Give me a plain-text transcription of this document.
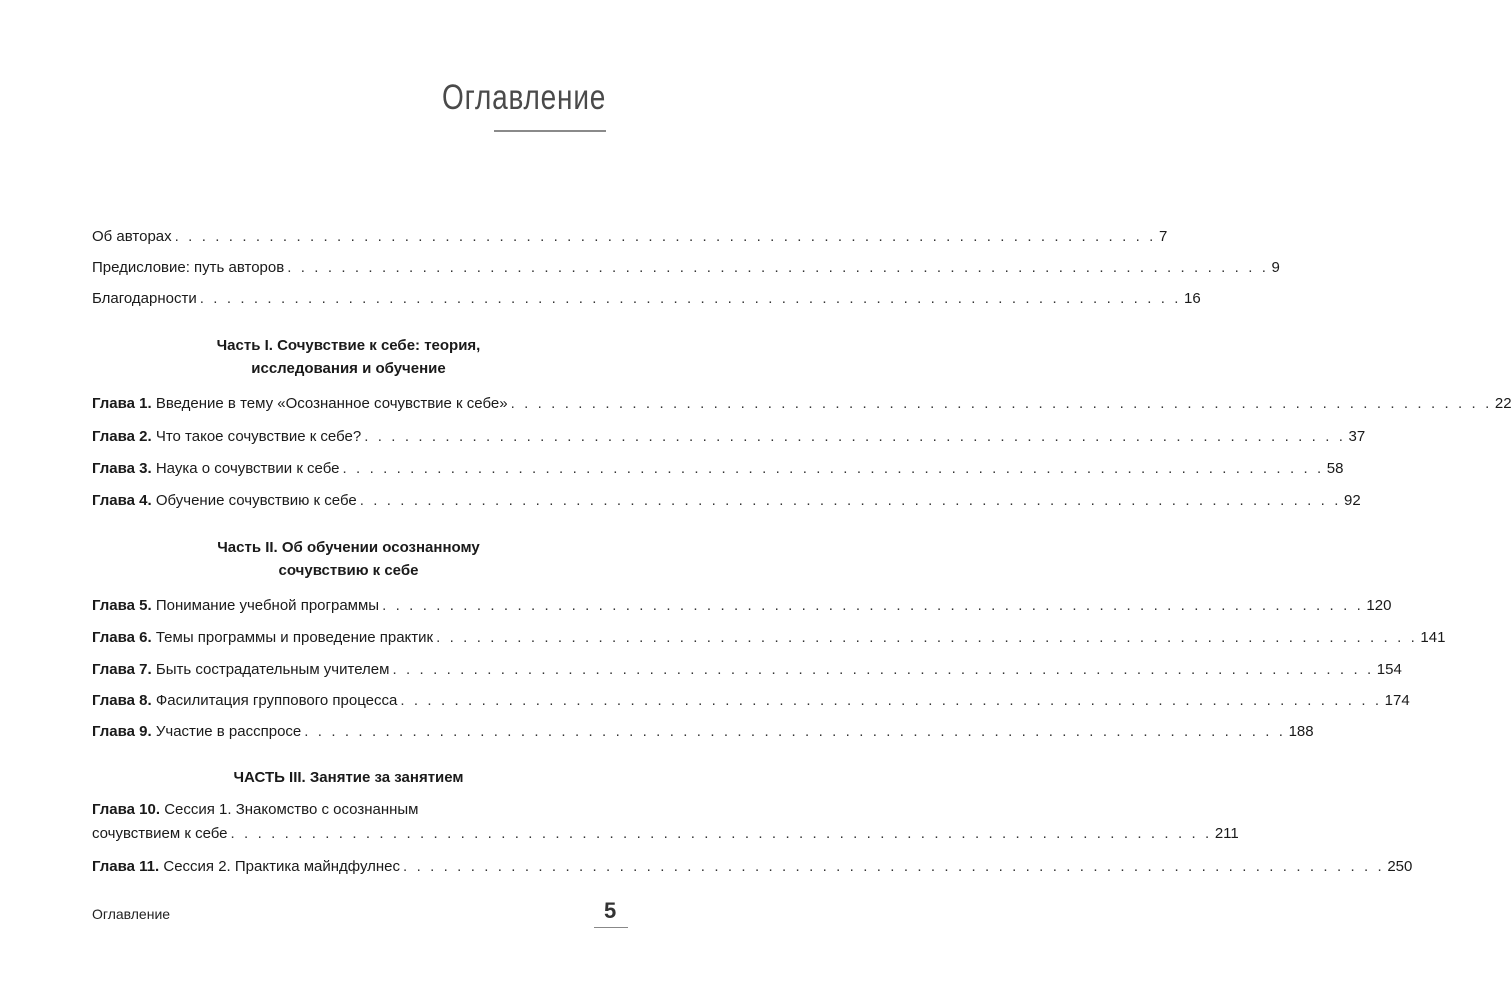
Оглавление
Об авторах . . . . . . . . . . . . . . . . . . . . . . . . . . . . . . . . . . . . . . . . . . . . . . . . . . . . . . . . . . . . . . . . . . . . . . . . . 7
Предисловие: путь авторов . . . . . . . . . . . . . . . . . . . . . . . . . . . . . . . . . . . . . . . . . . . . . . . . . . . . . . . . . . . . . . . . . . . . . . . . . 9
Благодарности . . . . . . . . . . . . . . . . . . . . . . . . . . . . . . . . . . . . . . . . . . . . . . . . . . . . . . . . . . . . . . . . . . . . . . . . . 16
Часть I. Сочувствие к себе: теория,
исследования и обучение
Глава 1. Введение в тему «Осознанное сочувствие к себе» . . . . . . . . . . . . . . . . . . . . . . . . . . . . . . . . . . . . . . . . . . . . . . . . . . . . . . . . . . . . . . . . . . . . . . . . . 22
Глава 2. Что такое сочувствие к себе? . . . . . . . . . . . . . . . . . . . . . . . . . . . . . . . . . . . . . . . . . . . . . . . . . . . . . . . . . . . . . . . . . . . . . . . . . 37
Глава 3. Наука о сочувствии к себе . . . . . . . . . . . . . . . . . . . . . . . . . . . . . . . . . . . . . . . . . . . . . . . . . . . . . . . . . . . . . . . . . . . . . . . . . 58
Глава 4. Обучение сочувствию к себе . . . . . . . . . . . . . . . . . . . . . . . . . . . . . . . . . . . . . . . . . . . . . . . . . . . . . . . . . . . . . . . . . . . . . . . . . 92
Часть II. Об обучении осознанному
сочувствию к себе
Глава 5. Понимание учебной программы . . . . . . . . . . . . . . . . . . . . . . . . . . . . . . . . . . . . . . . . . . . . . . . . . . . . . . . . . . . . . . . . . . . . . . . . . 120
Глава 6. Темы программы и проведение практик . . . . . . . . . . . . . . . . . . . . . . . . . . . . . . . . . . . . . . . . . . . . . . . . . . . . . . . . . . . . . . . . . . . . . . . . . 141
Глава 7. Быть сострадательным учителем . . . . . . . . . . . . . . . . . . . . . . . . . . . . . . . . . . . . . . . . . . . . . . . . . . . . . . . . . . . . . . . . . . . . . . . . . 154
Глава 8. Фасилитация группового процесса . . . . . . . . . . . . . . . . . . . . . . . . . . . . . . . . . . . . . . . . . . . . . . . . . . . . . . . . . . . . . . . . . . . . . . . . . 174
Глава 9. Участие в расспросе . . . . . . . . . . . . . . . . . . . . . . . . . . . . . . . . . . . . . . . . . . . . . . . . . . . . . . . . . . . . . . . . . . . . . . . . . 188
ЧАСТЬ III. Занятие за занятием
Глава 10. Сессия 1. Знакомство с осознанным
сочувствием к себе . . . . . . . . . . . . . . . . . . . . . . . . . . . . . . . . . . . . . . . . . . . . . . . . . . . . . . . . . . . . . . . . . . . . . . . . . 211
Глава 11. Сессия 2. Практика майндфулнес . . . . . . . . . . . . . . . . . . . . . . . . . . . . . . . . . . . . . . . . . . . . . . . . . . . . . . . . . . . . . . . . . . . . . . . . . 250
Оглавление	5
